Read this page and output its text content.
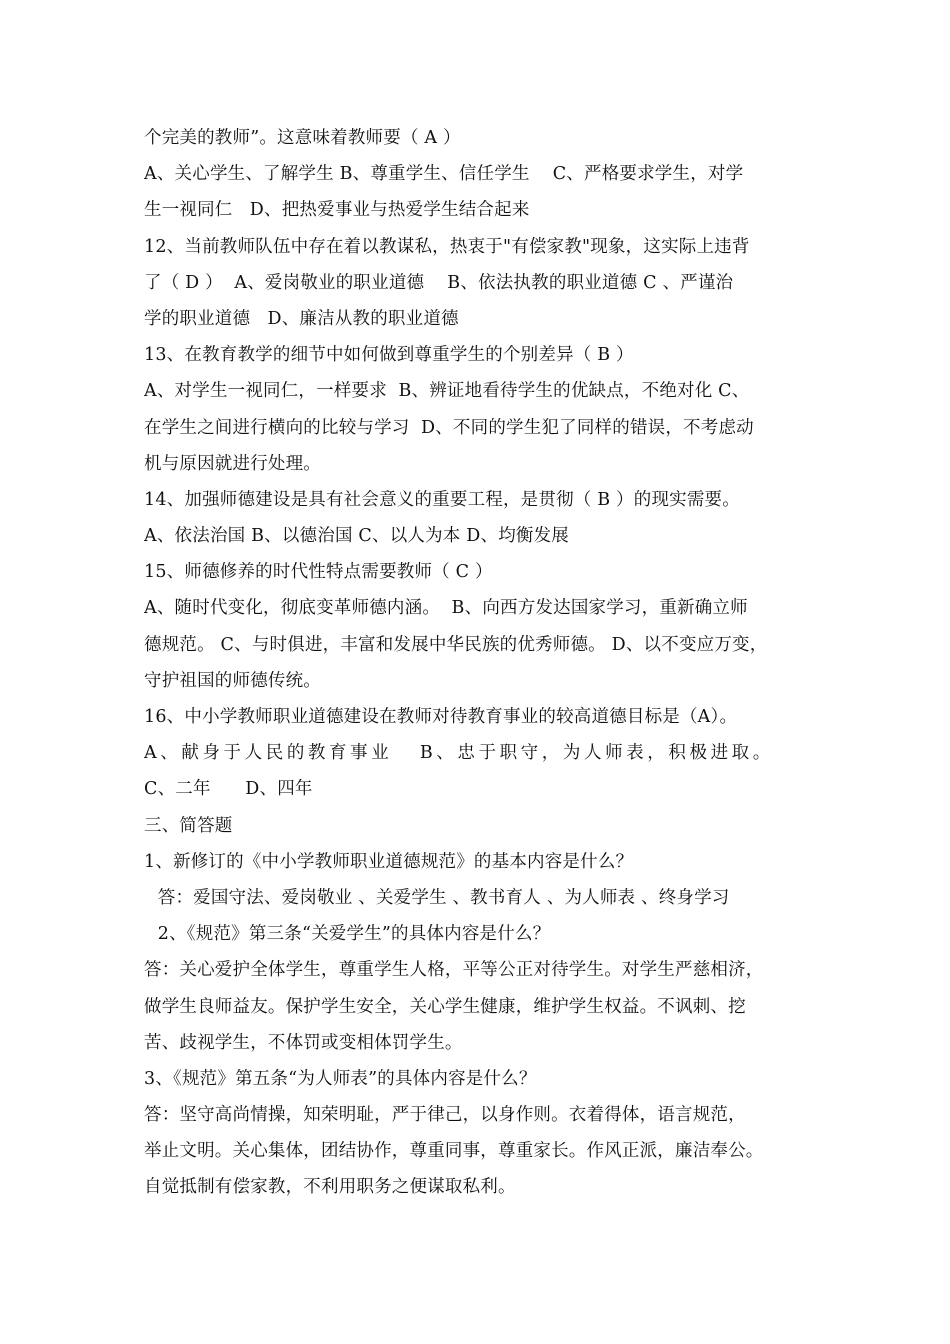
个完美的教师”。这意味着教师要（ A ）
A、关心学生、了解学生 B、尊重学生、信任学生    C、严格要求学生，对学
生一视同仁   D、把热爱事业与热爱学生结合起来
12、当前教师队伍中存在着以教谋私，热衷于"有偿家教"现象，这实际上违背
了（ D ）  A、爱岗敬业的职业道德    B、依法执教的职业道德 C 、严谨治
学的职业道德   D、廉洁从教的职业道德
13、在教育教学的细节中如何做到尊重学生的个别差异（ B ）
A、对学生一视同仁，一样要求  B、辨证地看待学生的优缺点，不绝对化 C、
在学生之间进行横向的比较与学习  D、不同的学生犯了同样的错误，不考虑动
机与原因就进行处理。
14、加强师德建设是具有社会意义的重要工程，是贯彻（ B ）的现实需要。
A、依法治国 B、以德治国 C、以人为本 D、均衡发展
15、师德修养的时代性特点需要教师（ C ）
A、随时代变化，彻底变革师德内涵。  B、向西方发达国家学习，重新确立师
德规范。 C、与时俱进，丰富和发展中华民族的优秀师德。 D、以不变应万变，
守护祖国的师德传统。
16、中小学教师职业道德建设在教师对待教育事业的较高道德目标是（A）。
A、献身于人民的教育事业   B、忠于职守，为人师表，积极进取。
C、二年      D、四年
三、简答题
1、新修订的《中小学教师职业道德规范》的基本内容是什么？
答：爱国守法、爱岗敬业 、关爱学生 、教书育人 、为人师表 、终身学习
2、《规范》第三条“关爱学生”的具体内容是什么？
答：关心爱护全体学生，尊重学生人格，平等公正对待学生。对学生严慈相济，
做学生良师益友。保护学生安全，关心学生健康，维护学生权益。不讽刺、挖
苦、歧视学生，不体罚或变相体罚学生。
3、《规范》第五条“为人师表”的具体内容是什么？
答：坚守高尚情操，知荣明耻，严于律己，以身作则。衣着得体，语言规范，
举止文明。关心集体，团结协作，尊重同事，尊重家长。作风正派，廉洁奉公。
自觉抵制有偿家教，不利用职务之便谋取私利。
